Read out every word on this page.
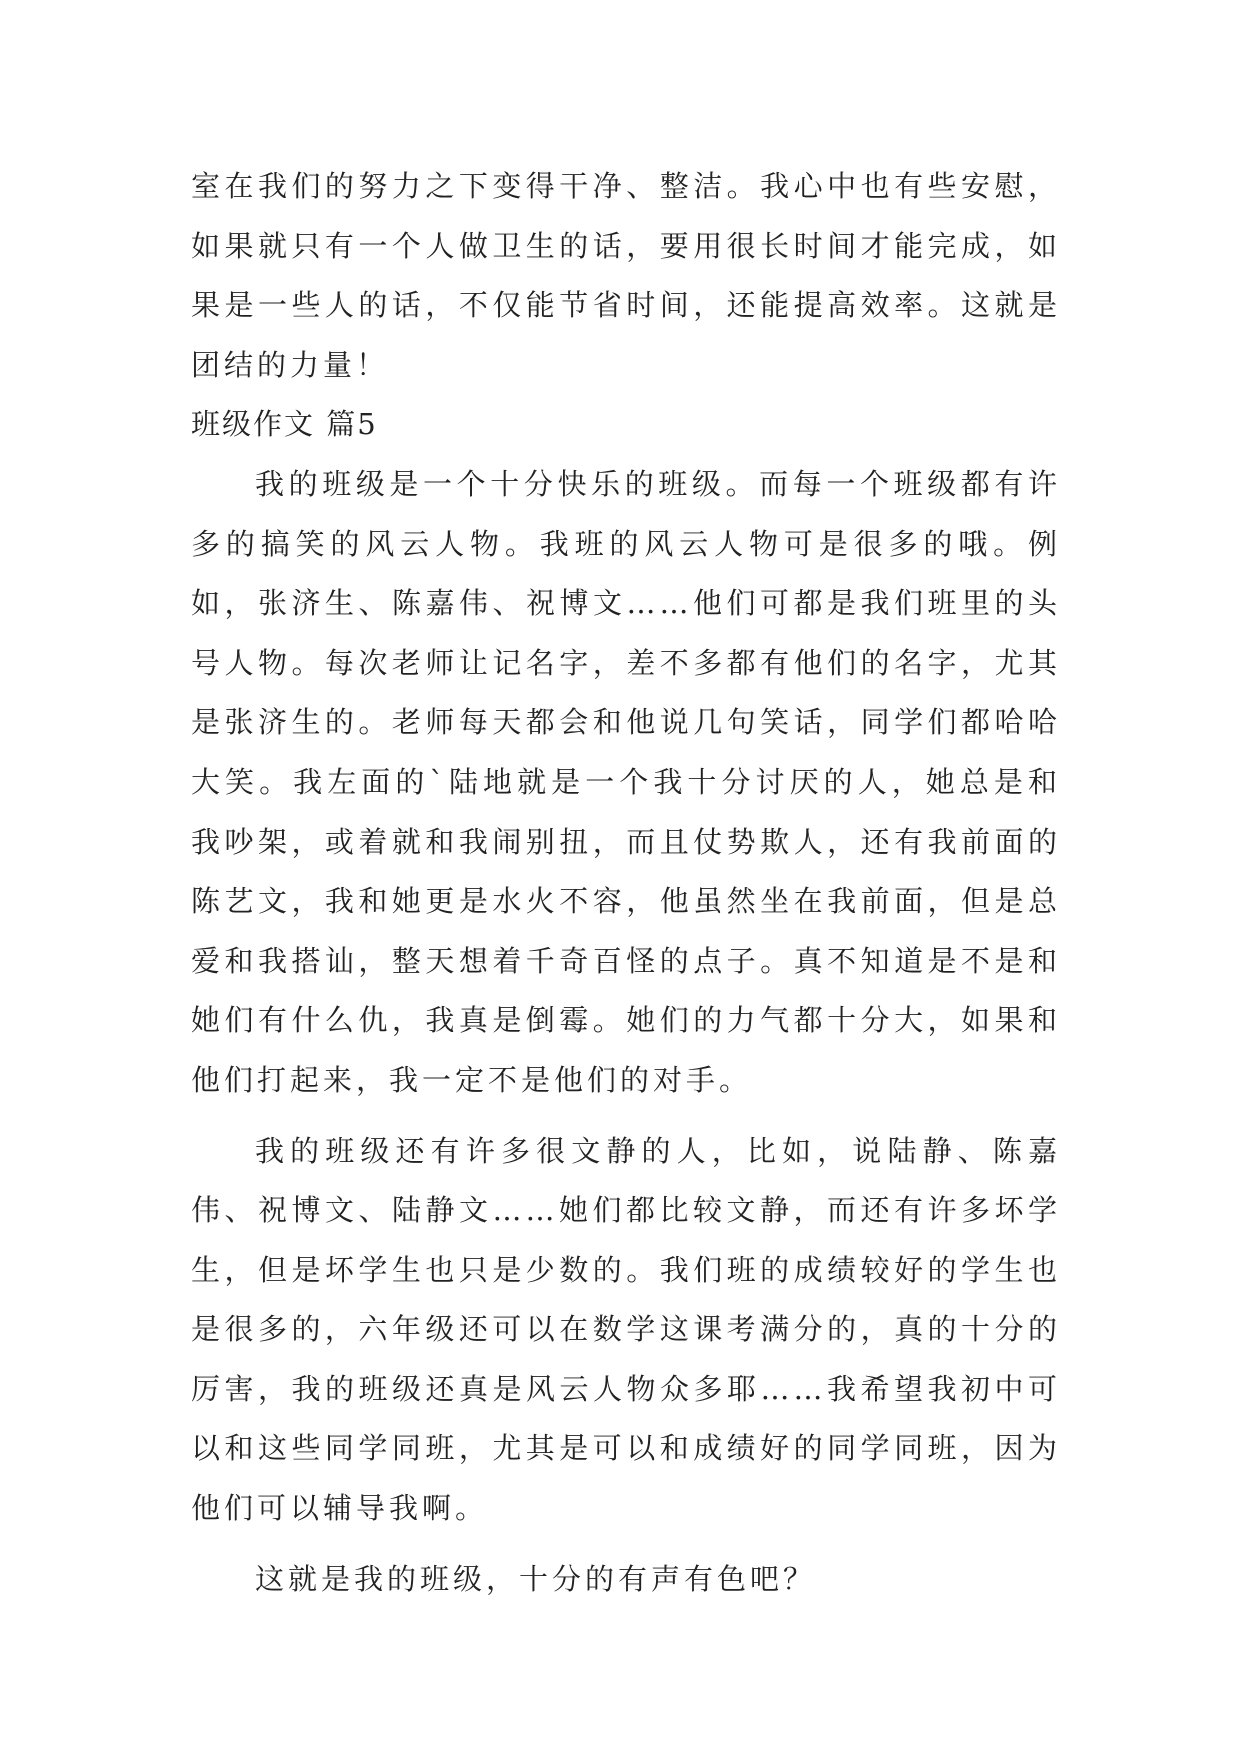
室在我们的努力之下变得干净、整洁。我心中也有些安慰，如果就只有一个人做卫生的话，要用很长时间才能完成，如果是一些人的话，不仅能节省时间，还能提高效率。这就是团结的力量！

班级作文 篇5

我的班级是一个十分快乐的班级。而每一个班级都有许多的搞笑的风云人物。我班的风云人物可是很多的哦。例如，张济生、陈嘉伟、祝博文……他们可都是我们班里的头号人物。每次老师让记名字，差不多都有他们的名字，尤其是张济生的。老师每天都会和他说几句笑话，同学们都哈哈大笑。我左面的`陆地就是一个我十分讨厌的人，她总是和我吵架，或着就和我闹别扭，而且仗势欺人，还有我前面的陈艺文，我和她更是水火不容，他虽然坐在我前面，但是总爱和我搭讪，整天想着千奇百怪的点子。真不知道是不是和她们有什么仇，我真是倒霉。她们的力气都十分大，如果和他们打起来，我一定不是他们的对手。

我的班级还有许多很文静的人，比如，说陆静、陈嘉伟、祝博文、陆静文……她们都比较文静，而还有许多坏学生，但是坏学生也只是少数的。我们班的成绩较好的学生也是很多的，六年级还可以在数学这课考满分的，真的十分的厉害，我的班级还真是风云人物众多耶……我希望我初中可以和这些同学同班，尤其是可以和成绩好的同学同班，因为他们可以辅导我啊。

这就是我的班级，十分的有声有色吧？
